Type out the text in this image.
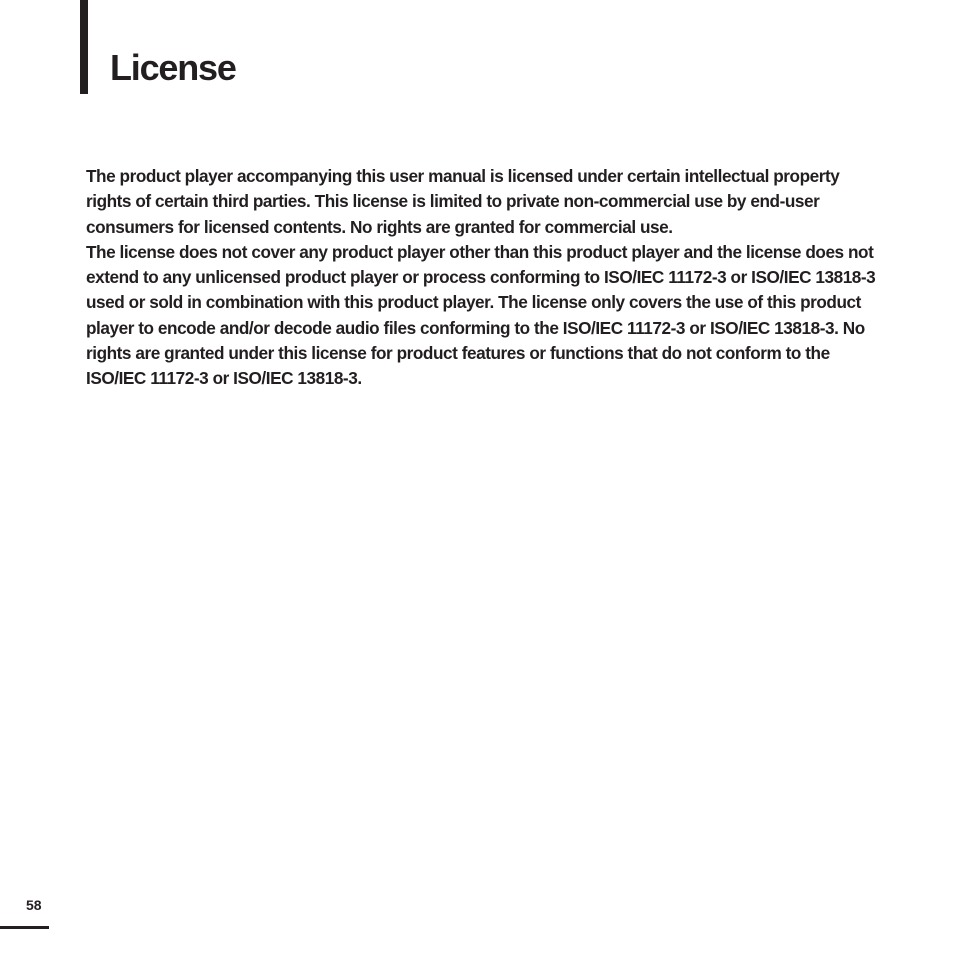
License

The product player accompanying this user manual is licensed under certain intellectual property rights of certain third parties. This license is limited to private non-commercial use by end-user consumers for licensed contents. No rights are granted for commercial use.

The license does not cover any product player other than this product player and the license does not extend to any unlicensed product player or process conforming to ISO/IEC 11172-3 or ISO/IEC 13818-3 used or sold in combination with this product player. The license only covers the use of this product player to encode and/or decode audio files conforming to the ISO/IEC 11172-3 or ISO/IEC 13818-3. No rights are granted under this license for product features or functions that do not conform to the ISO/IEC 11172-3 or ISO/IEC 13818-3.

58
